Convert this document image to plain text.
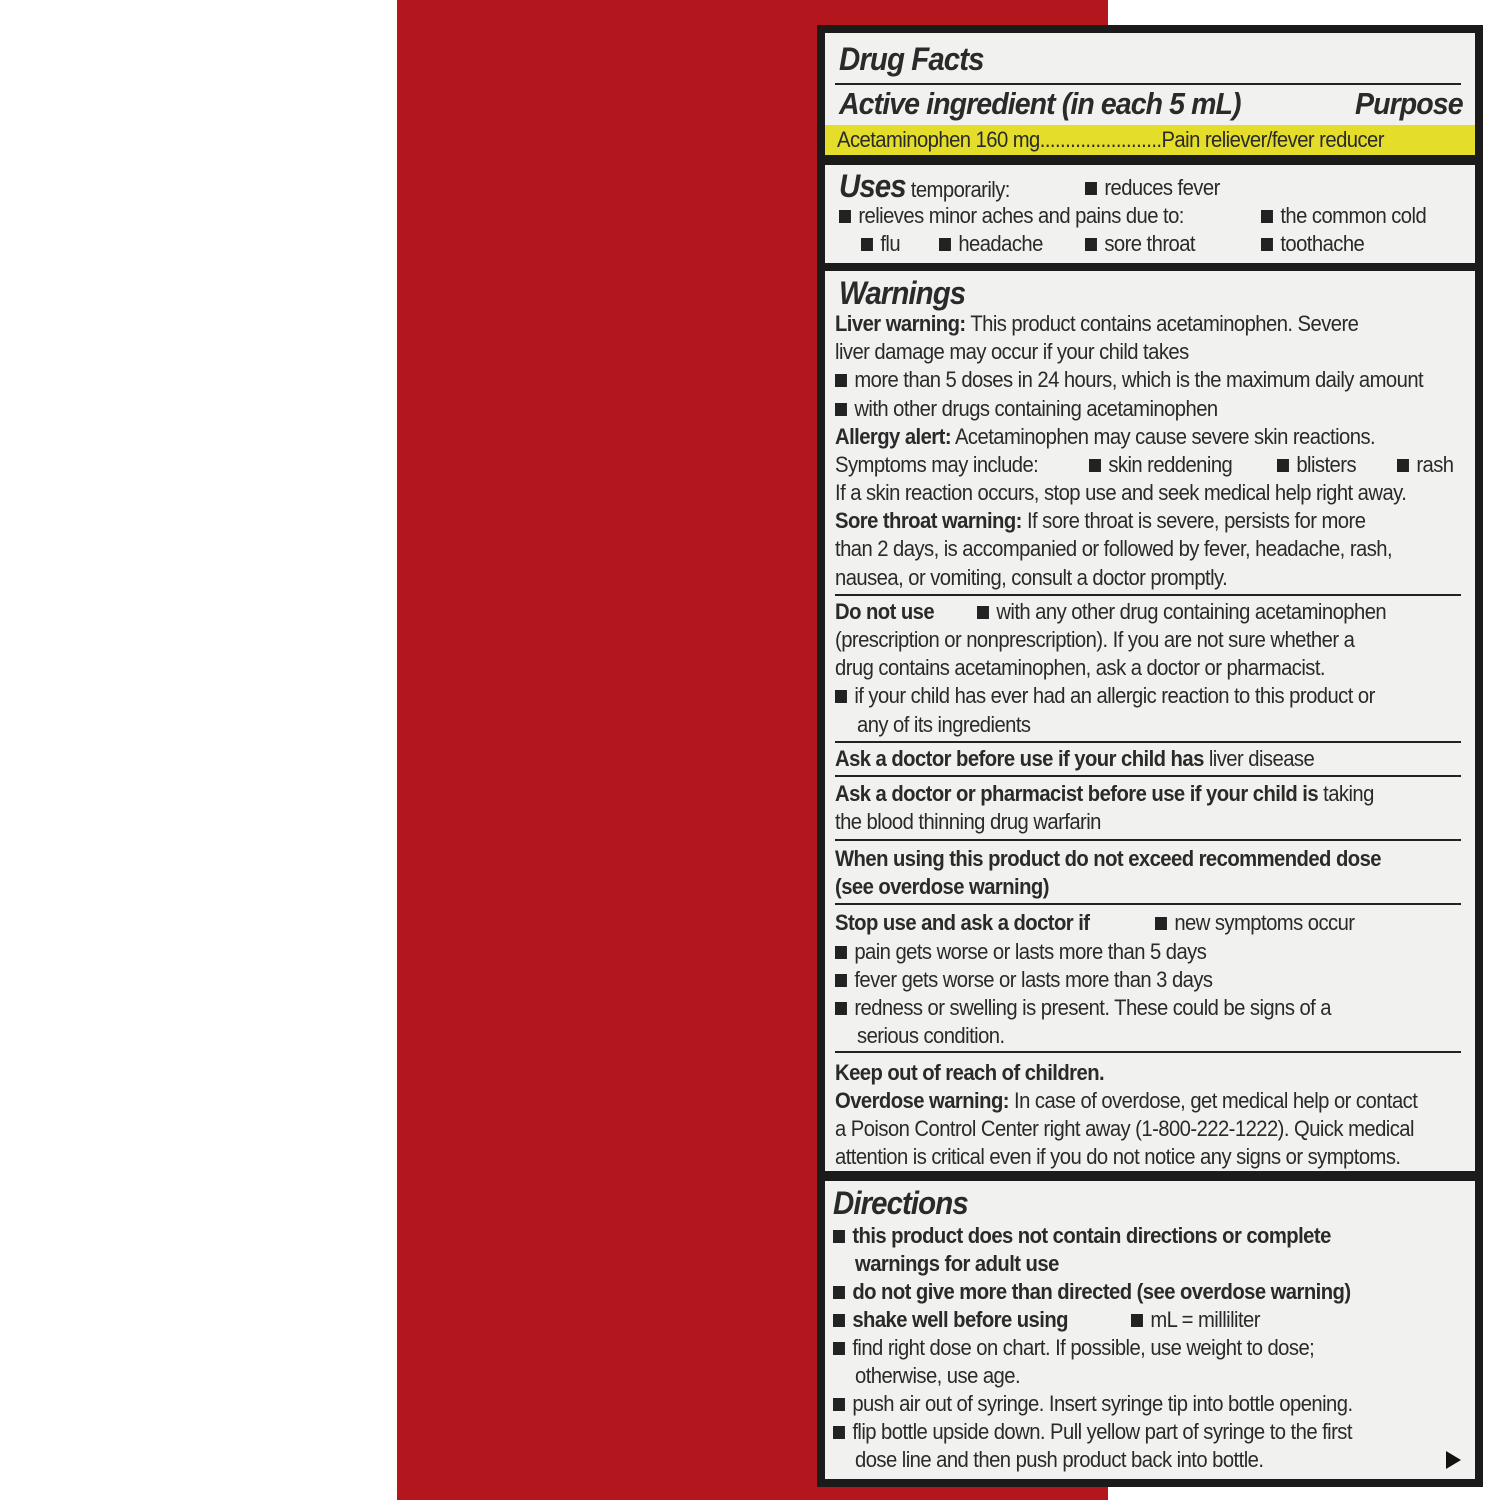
Drug Facts
Active ingredient (in each 5 mL)	Purpose
Acetaminophen 160 mg........................Pain reliever/fever reducer
Uses temporarily:	reduces fever
relieves minor aches and pains due to:	the common cold
flu	headache	sore throat	toothache
Warnings
Liver warning: This product contains acetaminophen. Severe
liver damage may occur if your child takes
more than 5 doses in 24 hours, which is the maximum daily amount
with other drugs containing acetaminophen
Allergy alert: Acetaminophen may cause severe skin reactions.
Symptoms may include:	skin reddening	blisters	rash
If a skin reaction occurs, stop use and seek medical help right away.
Sore throat warning: If sore throat is severe, persists for more
than 2 days, is accompanied or followed by fever, headache, rash,
nausea, or vomiting, consult a doctor promptly.
Do not use	with any other drug containing acetaminophen
(prescription or nonprescription). If you are not sure whether a
drug contains acetaminophen, ask a doctor or pharmacist.
if your child has ever had an allergic reaction to this product or
any of its ingredients
Ask a doctor before use if your child has liver disease
Ask a doctor or pharmacist before use if your child is taking
the blood thinning drug warfarin
When using this product do not exceed recommended dose
(see overdose warning)
Stop use and ask a doctor if	new symptoms occur
pain gets worse or lasts more than 5 days
fever gets worse or lasts more than 3 days
redness or swelling is present. These could be signs of a
serious condition.
Keep out of reach of children.
Overdose warning: In case of overdose, get medical help or contact
a Poison Control Center right away (1-800-222-1222). Quick medical
attention is critical even if you do not notice any signs or symptoms.
Directions
this product does not contain directions or complete
warnings for adult use
do not give more than directed (see overdose warning)
shake well before using	mL = milliliter
find right dose on chart. If possible, use weight to dose;
otherwise, use age.
push air out of syringe. Insert syringe tip into bottle opening.
flip bottle upside down. Pull yellow part of syringe to the first
dose line and then push product back into bottle.
